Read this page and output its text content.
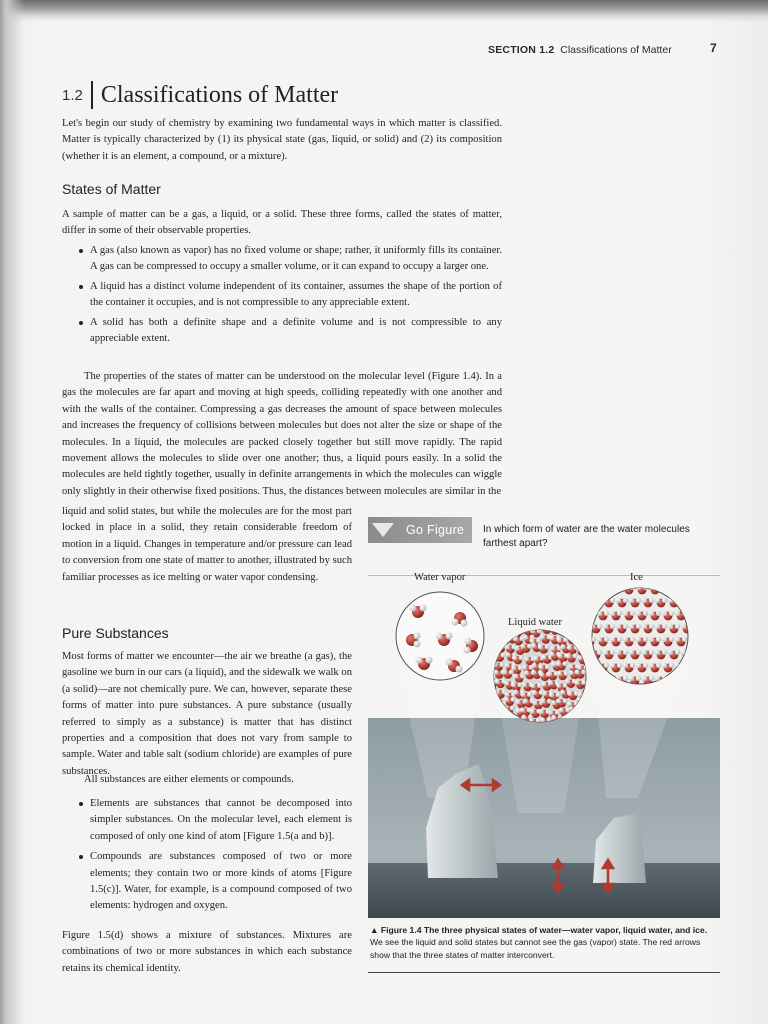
SECTION 1.2 Classifications of Matter	7
1.2 Classifications of Matter

Let's begin our study of chemistry by examining two fundamental ways in which matter is classified. Matter is typically characterized by (1) its physical state (gas, liquid, or solid) and (2) its composition (whether it is an element, a compound, or a mixture).

States of Matter

A sample of matter can be a gas, a liquid, or a solid. These three forms, called the states of matter, differ in some of their observable properties.

A gas (also known as vapor) has no fixed volume or shape; rather, it uniformly fills its container. A gas can be compressed to occupy a smaller volume, or it can expand to occupy a larger one.
A liquid has a distinct volume independent of its container, assumes the shape of the portion of the container it occupies, and is not compressible to any appreciable extent.
A solid has both a definite shape and a definite volume and is not compressible to any appreciable extent.

The properties of the states of matter can be understood on the molecular level (Figure 1.4). In a gas the molecules are far apart and moving at high speeds, colliding repeatedly with one another and with the walls of the container. Compressing a gas decreases the amount of space between molecules and increases the frequency of collisions between molecules but does not alter the size or shape of the molecules. In a liquid, the molecules are packed closely together but still move rapidly. The rapid movement allows the molecules to slide over one another; thus, a liquid pours easily. In a solid the molecules are held tightly together, usually in definite arrangements in which the molecules can wiggle only slightly in their otherwise fixed positions. Thus, the distances between molecules are similar in the

liquid and solid states, but while the molecules are for the most part locked in place in a solid, they retain considerable freedom of motion in a liquid. Changes in temperature and/or pressure can lead to conversion from one state of matter to another, illustrated by such familiar processes as ice melting or water vapor condensing.

Pure Substances

Most forms of matter we encounter—the air we breathe (a gas), the gasoline we burn in our cars (a liquid), and the sidewalk we walk on (a solid)—are not chemically pure. We can, however, separate these forms of matter into pure substances. A pure substance (usually referred to simply as a substance) is matter that has distinct properties and a composition that does not vary from sample to sample. Water and table salt (sodium chloride) are examples of pure substances.

All substances are either elements or compounds.

Elements are substances that cannot be decomposed into simpler substances. On the molecular level, each element is composed of only one kind of atom [Figure 1.5(a and b)].
Compounds are substances composed of two or more elements; they contain two or more kinds of atoms [Figure 1.5(c)]. Water, for example, is a compound composed of two elements: hydrogen and oxygen.

Figure 1.5(d) shows a mixture of substances. Mixtures are combinations of two or more substances in which each substance retains its chemical identity.

Go Figure In which form of water are the water molecules farthest apart?
Water vapor	Ice
Liquid water
▲ Figure 1.4 The three physical states of water—water vapor, liquid water, and ice. We see the liquid and solid states but cannot see the gas (vapor) state. The red arrows show that the three states of matter interconvert.
